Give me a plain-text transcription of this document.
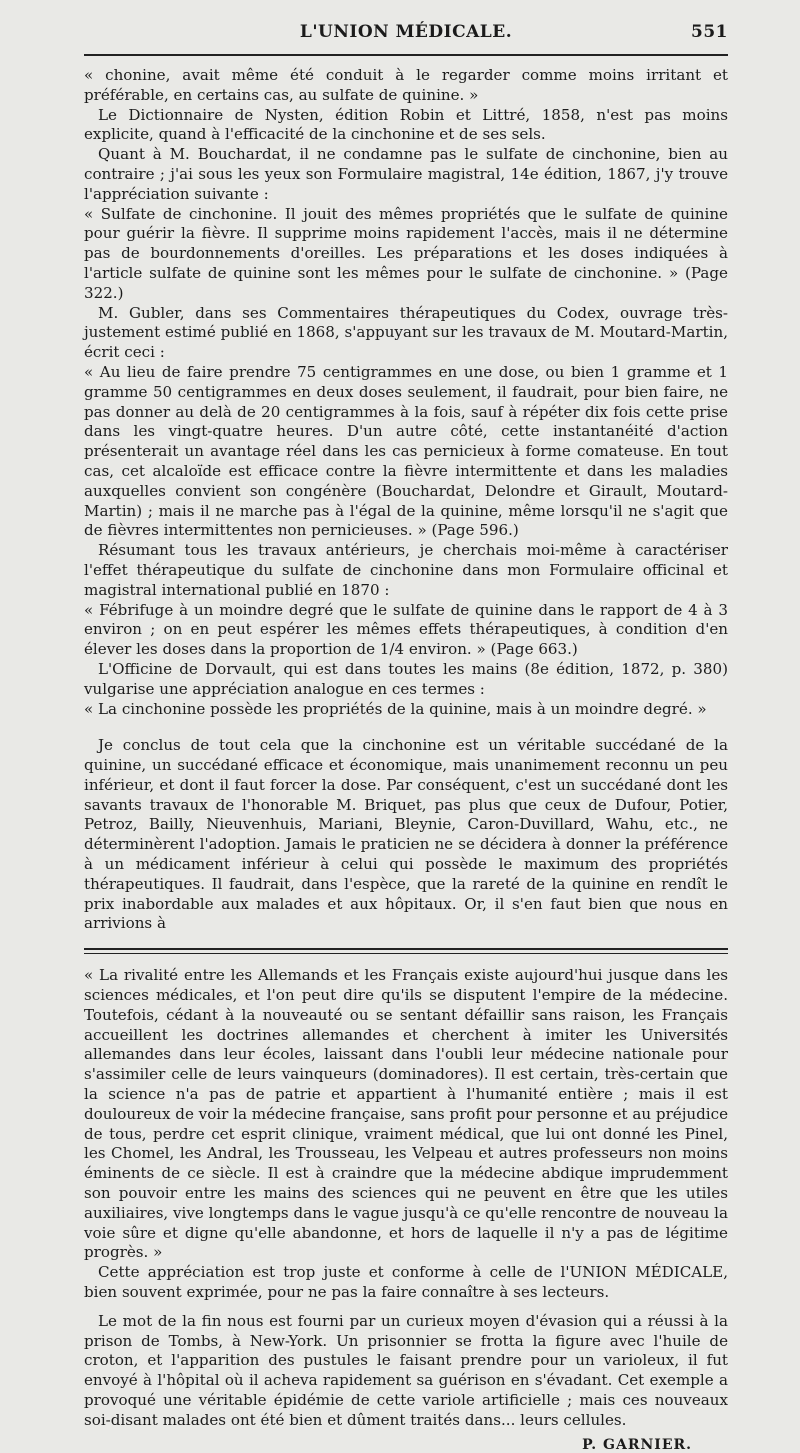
L'UNION MÉDICALE.	551

« chonine, avait même été conduit à le regarder comme moins irritant et préférable, en certains cas, au sulfate de quinine. »

Le Dictionnaire de Nysten, édition Robin et Littré, 1858, n'est pas moins explicite, quand à l'efficacité de la cinchonine et de ses sels.

Quant à M. Bouchardat, il ne condamne pas le sulfate de cinchonine, bien au contraire ; j'ai sous les yeux son Formulaire magistral, 14e édition, 1867, j'y trouve l'appréciation suivante :

« Sulfate de cinchonine. Il jouit des mêmes propriétés que le sulfate de quinine pour guérir la fièvre. Il supprime moins rapidement l'accès, mais il ne détermine pas de bourdonnements d'oreilles. Les préparations et les doses indiquées à l'article sulfate de quinine sont les mêmes pour le sulfate de cinchonine. » (Page 322.)

M. Gubler, dans ses Commentaires thérapeutiques du Codex, ouvrage très-justement estimé publié en 1868, s'appuyant sur les travaux de M. Moutard-Martin, écrit ceci :

« Au lieu de faire prendre 75 centigrammes en une dose, ou bien 1 gramme et 1 gramme 50 centigrammes en deux doses seulement, il faudrait, pour bien faire, ne pas donner au delà de 20 centigrammes à la fois, sauf à répéter dix fois cette prise dans les vingt-quatre heures. D'un autre côté, cette instantanéité d'action présenterait un avantage réel dans les cas pernicieux à forme comateuse. En tout cas, cet alcaloïde est efficace contre la fièvre intermittente et dans les maladies auxquelles convient son congénère (Bouchardat, Delondre et Girault, Moutard-Martin) ; mais il ne marche pas à l'égal de la quinine, même lorsqu'il ne s'agit que de fièvres intermittentes non pernicieuses. » (Page 596.)

Résumant tous les travaux antérieurs, je cherchais moi-même à caractériser l'effet thérapeutique du sulfate de cinchonine dans mon Formulaire officinal et magistral international publié en 1870 :

« Fébrifuge à un moindre degré que le sulfate de quinine dans le rapport de 4 à 3 environ ; on en peut espérer les mêmes effets thérapeutiques, à condition d'en élever les doses dans la proportion de 1/4 environ. » (Page 663.)

L'Officine de Dorvault, qui est dans toutes les mains (8e édition, 1872, p. 380) vulgarise une appréciation analogue en ces termes :

« La cinchonine possède les propriétés de la quinine, mais à un moindre degré. »

Je conclus de tout cela que la cinchonine est un véritable succédané de la quinine, un succédané efficace et économique, mais unanimement reconnu un peu inférieur, et dont il faut forcer la dose. Par conséquent, c'est un succédané dont les savants travaux de l'honorable M. Briquet, pas plus que ceux de Dufour, Potier, Petroz, Bailly, Nieuvenhuis, Mariani, Bleynie, Caron-Duvillard, Wahu, etc., ne déterminèrent l'adoption. Jamais le praticien ne se décidera à donner la préférence à un médicament inférieur à celui qui possède le maximum des propriétés thérapeutiques. Il faudrait, dans l'espèce, que la rareté de la quinine en rendît le prix inabordable aux malades et aux hôpitaux. Or, il s'en faut bien que nous en arrivions à

« La rivalité entre les Allemands et les Français existe aujourd'hui jusque dans les sciences médicales, et l'on peut dire qu'ils se disputent l'empire de la médecine. Toutefois, cédant à la nouveauté ou se sentant défaillir sans raison, les Français accueillent les doctrines allemandes et cherchent à imiter les Universités allemandes dans leur écoles, laissant dans l'oubli leur médecine nationale pour s'assimiler celle de leurs vainqueurs (dominadores). Il est certain, très-certain que la science n'a pas de patrie et appartient à l'humanité entière ; mais il est douloureux de voir la médecine française, sans profit pour personne et au préjudice de tous, perdre cet esprit clinique, vraiment médical, que lui ont donné les Pinel, les Chomel, les Andral, les Trousseau, les Velpeau et autres professeurs non moins éminents de ce siècle. Il est à craindre que la médecine abdique imprudemment son pouvoir entre les mains des sciences qui ne peuvent en être que les utiles auxiliaires, vive longtemps dans le vague jusqu'à ce qu'elle rencontre de nouveau la voie sûre et digne qu'elle abandonne, et hors de laquelle il n'y a pas de légitime progrès. »

Cette appréciation est trop juste et conforme à celle de l'UNION MÉDICALE, bien souvent exprimée, pour ne pas la faire connaître à ses lecteurs.

Le mot de la fin nous est fourni par un curieux moyen d'évasion qui a réussi à la prison de Tombs, à New-York. Un prisonnier se frotta la figure avec l'huile de croton, et l'apparition des pustules le faisant prendre pour un varioleux, il fut envoyé à l'hôpital où il acheva rapidement sa guérison en s'évadant. Cet exemple a provoqué une véritable épidémie de cette variole artificielle ; mais ces nouveaux soi-disant malades ont été bien et dûment traités dans... leurs cellules.

P. GARNIER.
